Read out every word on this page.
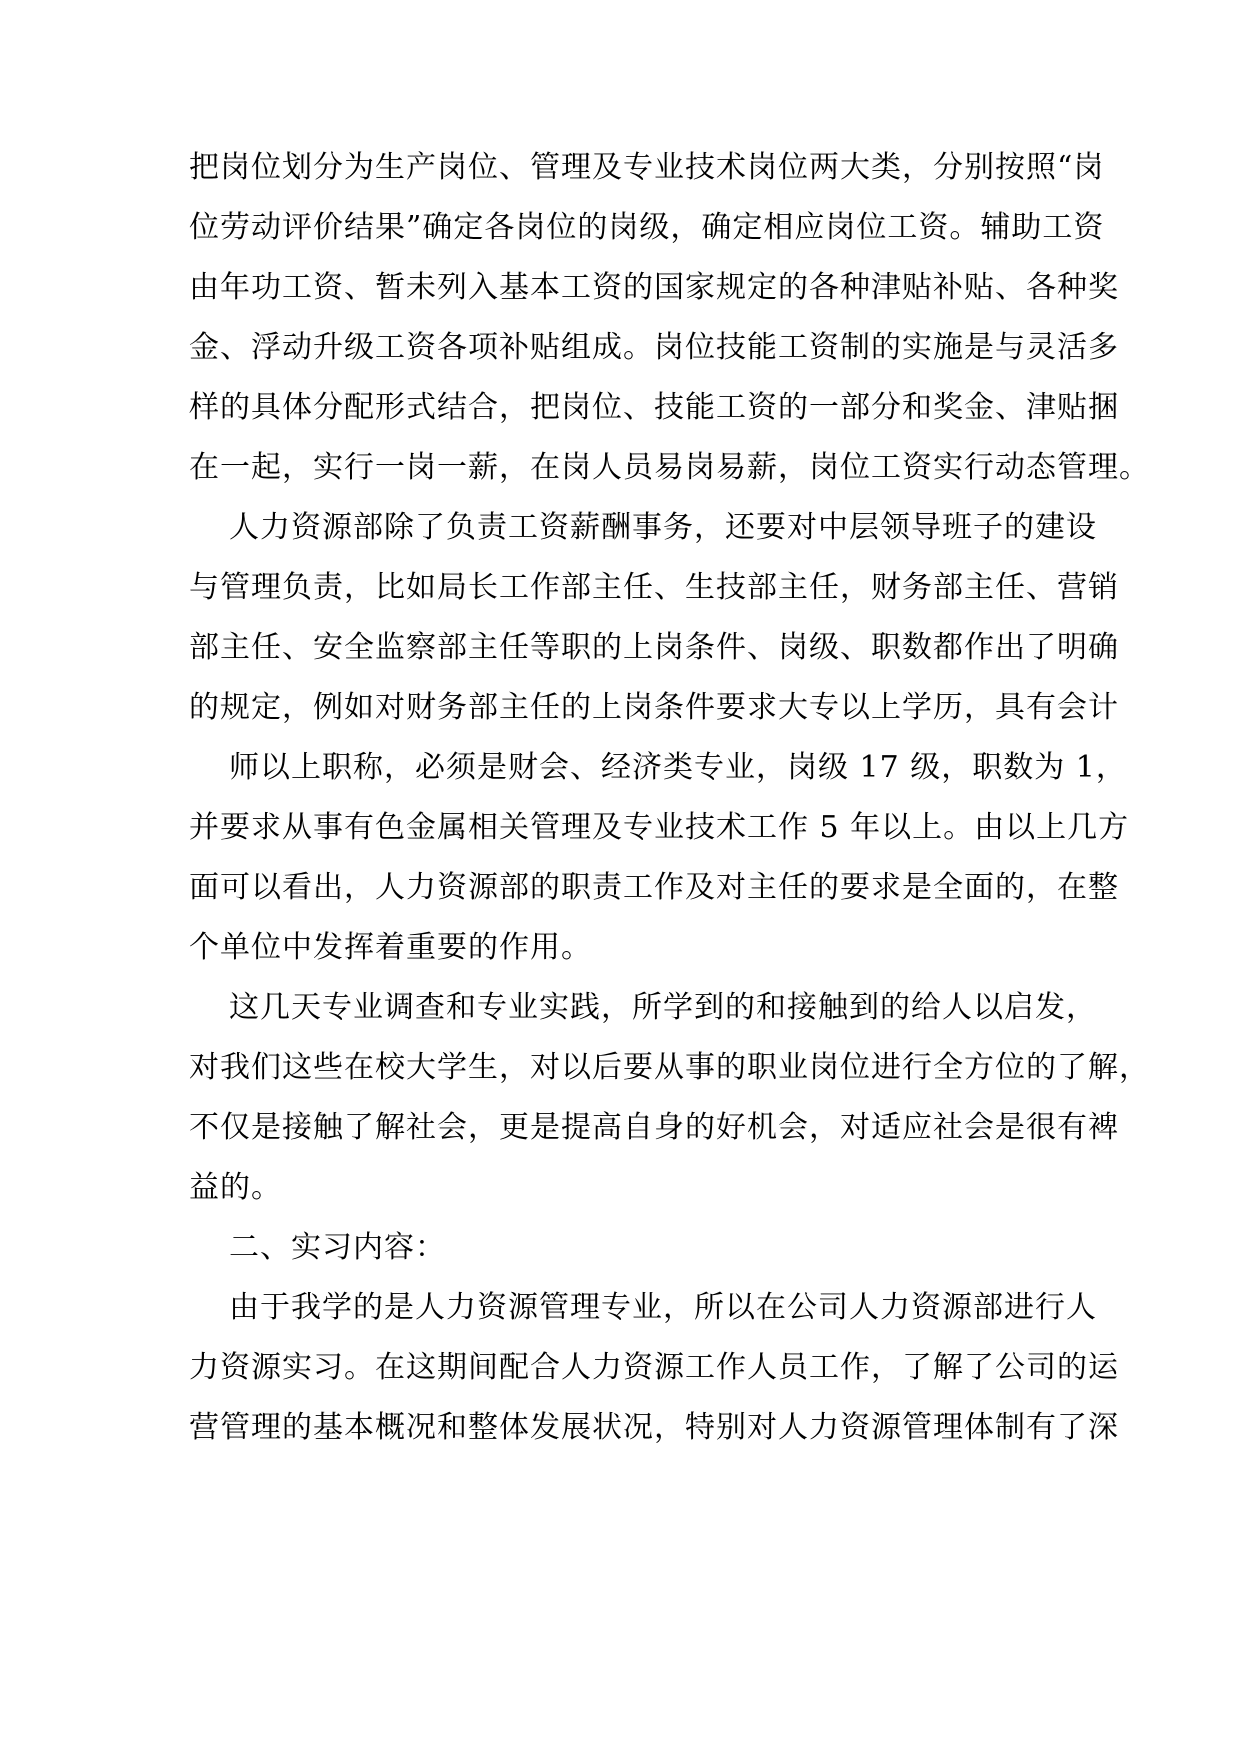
把岗位划分为生产岗位、管理及专业技术岗位两大类，分别按照“岗
位劳动评价结果”确定各岗位的岗级，确定相应岗位工资。辅助工资
由年功工资、暂未列入基本工资的国家规定的各种津贴补贴、各种奖
金、浮动升级工资各项补贴组成。岗位技能工资制的实施是与灵活多
样的具体分配形式结合，把岗位、技能工资的一部分和奖金、津贴捆
在一起，实行一岗一薪，在岗人员易岗易薪，岗位工资实行动态管理。
人力资源部除了负责工资薪酬事务，还要对中层领导班子的建设
与管理负责，比如局长工作部主任、生技部主任，财务部主任、营销
部主任、安全监察部主任等职的上岗条件、岗级、职数都作出了明确
的规定，例如对财务部主任的上岗条件要求大专以上学历，具有会计
师以上职称，必须是财会、经济类专业，岗级 17 级，职数为 1，
并要求从事有色金属相关管理及专业技术工作 5 年以上。由以上几方
面可以看出，人力资源部的职责工作及对主任的要求是全面的，在整
个单位中发挥着重要的作用。
这几天专业调查和专业实践，所学到的和接触到的给人以启发，
对我们这些在校大学生，对以后要从事的职业岗位进行全方位的了解，
不仅是接触了解社会，更是提高自身的好机会，对适应社会是很有裨
益的。
二、实习内容：
由于我学的是人力资源管理专业，所以在公司人力资源部进行人
力资源实习。在这期间配合人力资源工作人员工作，了解了公司的运
营管理的基本概况和整体发展状况，特别对人力资源管理体制有了深
